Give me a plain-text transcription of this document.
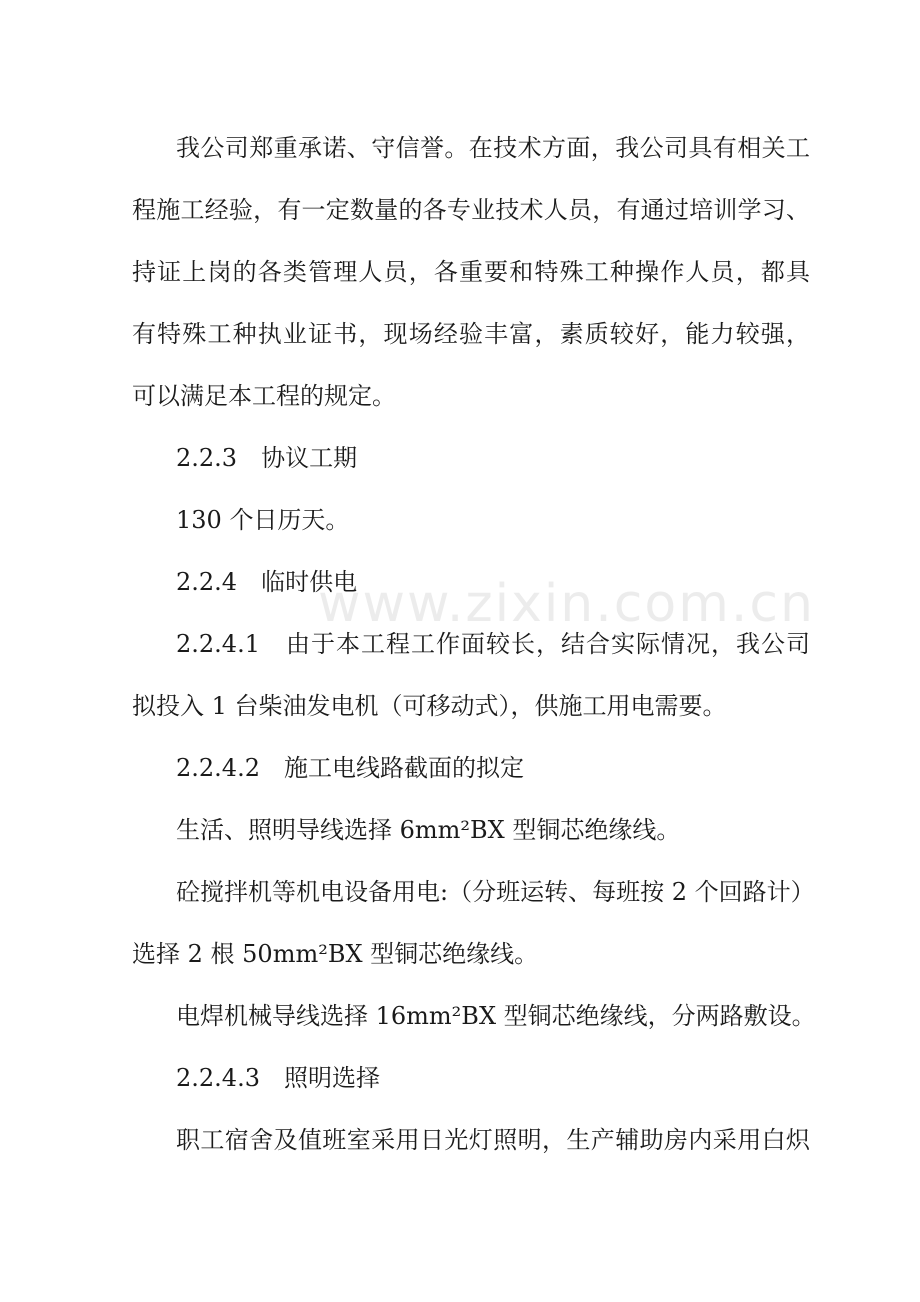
www.zixin.com.cn
我公司郑重承诺、守信誉。在技术方面，我公司具有相关工
程施工经验，有一定数量的各专业技术人员，有通过培训学习、
持证上岗的各类管理人员，各重要和特殊工种操作人员，都具
有特殊工种执业证书，现场经验丰富，素质较好，能力较强，
可以满足本工程的规定。
2.2.3　协议工期
130 个日历天。
2.2.4　临时供电
2.2.4.1　由于本工程工作面较长，结合实际情况，我公司
拟投入 1 台柴油发电机（可移动式），供施工用电需要。
2.2.4.2　施工电线路截面的拟定
生活、照明导线选择 6mm²BX 型铜芯绝缘线。
砼搅拌机等机电设备用电:（分班运转、每班按 2 个回路计）
选择 2 根 50mm²BX 型铜芯绝缘线。
电焊机械导线选择 16mm²BX 型铜芯绝缘线，分两路敷设。
2.2.4.3　照明选择
职工宿舍及值班室采用日光灯照明，生产辅助房内采用白炽
